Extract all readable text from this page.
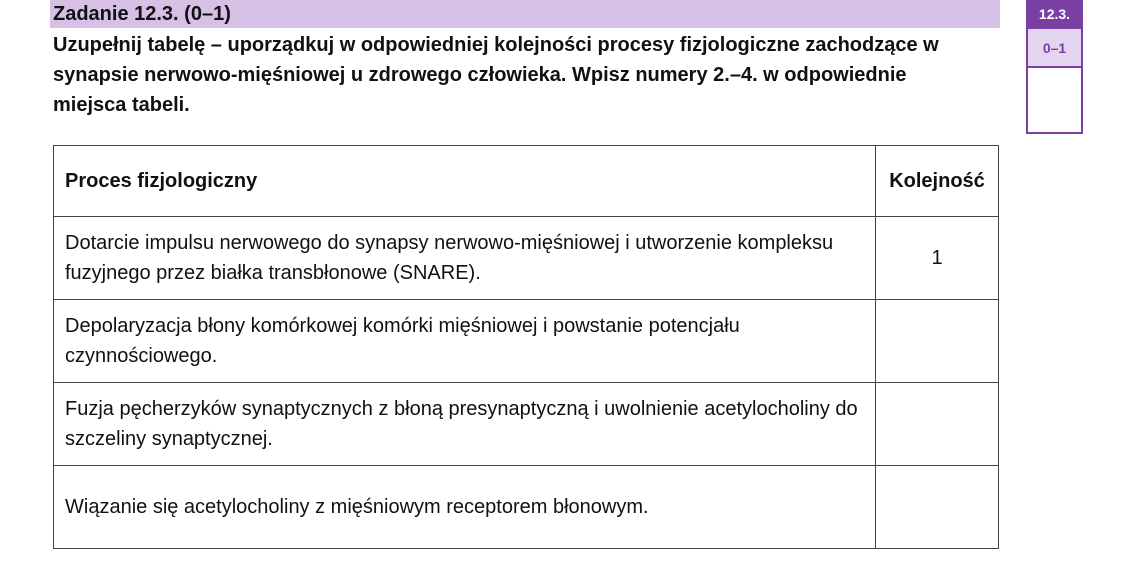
Zadanie 12.3. (0–1)
Uzupełnij tabelę – uporządkuj w odpowiedniej kolejności procesy fizjologiczne zachodzące w synapsie nerwowo-mięśniowej u zdrowego człowieka. Wpisz numery 2.–4. w odpowiednie miejsca tabeli.
12.3.
0–1
Proces fizjologiczny	Kolejność
Dotarcie impulsu nerwowego do synapsy nerwowo-mięśniowej i utworzenie kompleksu fuzyjnego przez białka transbłonowe (SNARE).	1
Depolaryzacja błony komórkowej komórki mięśniowej i powstanie potencjału czynnościowego.	
Fuzja pęcherzyków synaptycznych z błoną presynaptyczną i uwolnienie acetylocholiny do szczeliny synaptycznej.	
Wiązanie się acetylocholiny z mięśniowym receptorem błonowym.	
